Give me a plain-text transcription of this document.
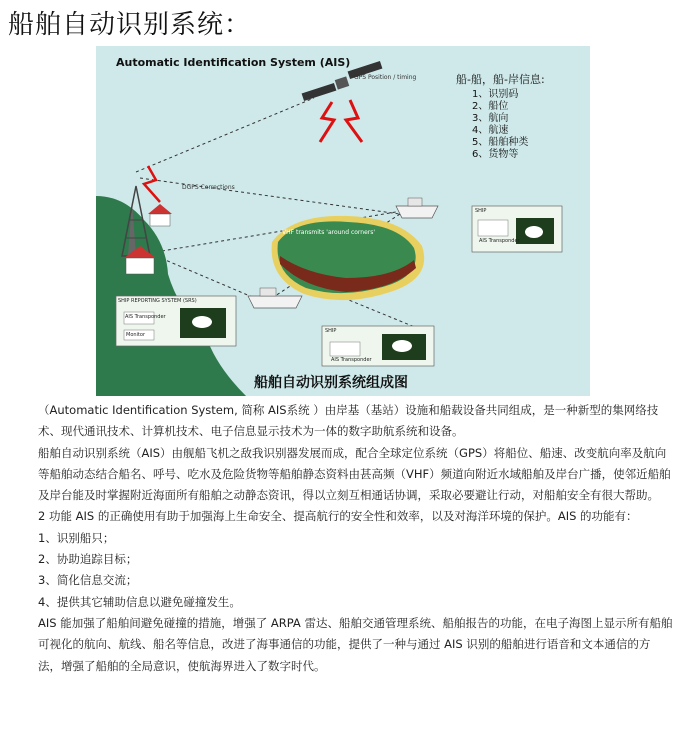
船舶自动识别系统：
Automatic Identification System (AIS)
GPS Position / timing
DGPS Corrections
VHF transmits 'around corners'
船-船，船-岸信息:
1、识别码
2、船位
3、航向
4、航速
5、船舶种类
6、货物等
SHIP
AIS Transponder
SHIP REPORTING SYSTEM (SRS)
AIS Transponder
Monitor
SHIP
AIS Transponder
船舶自动识别系统组成图

（Automatic Identification System, 简称 AIS系统 ）由岸基（基站）设施和船载设备共同组成，是一种新型的集网络技术、现代通讯技术、计算机技术、电子信息显示技术为一体的数字助航系统和设备。

船舶自动识别系统（AIS）由舰船飞机之敌我识别器发展而成，配合全球定位系统（GPS）将船位、船速、改变航向率及航向等船舶动态结合船名、呼号、吃水及危险货物等船舶静态资料由甚高频（VHF）频道向附近水域船舶及岸台广播，使邻近船舶及岸台能及时掌握附近海面所有船舶之动静态资讯，得以立刻互相通话协调，采取必要避让行动，对船舶安全有很大帮助。

2 功能 AIS 的正确使用有助于加强海上生命安全、提高航行的安全性和效率，以及对海洋环境的保护。AIS 的功能有：

1、识别船只；

2、协助追踪目标；

3、简化信息交流；

4、提供其它辅助信息以避免碰撞发生。

AIS 能加强了船舶间避免碰撞的措施，增强了 ARPA 雷达、船舶交通管理系统、船舶报告的功能，在电子海图上显示所有船舶可视化的航向、航线、船名等信息，改进了海事通信的功能，提供了一种与通过 AIS 识别的船舶进行语音和文本通信的方法，增强了船舶的全局意识，使航海界进入了数字时代。
